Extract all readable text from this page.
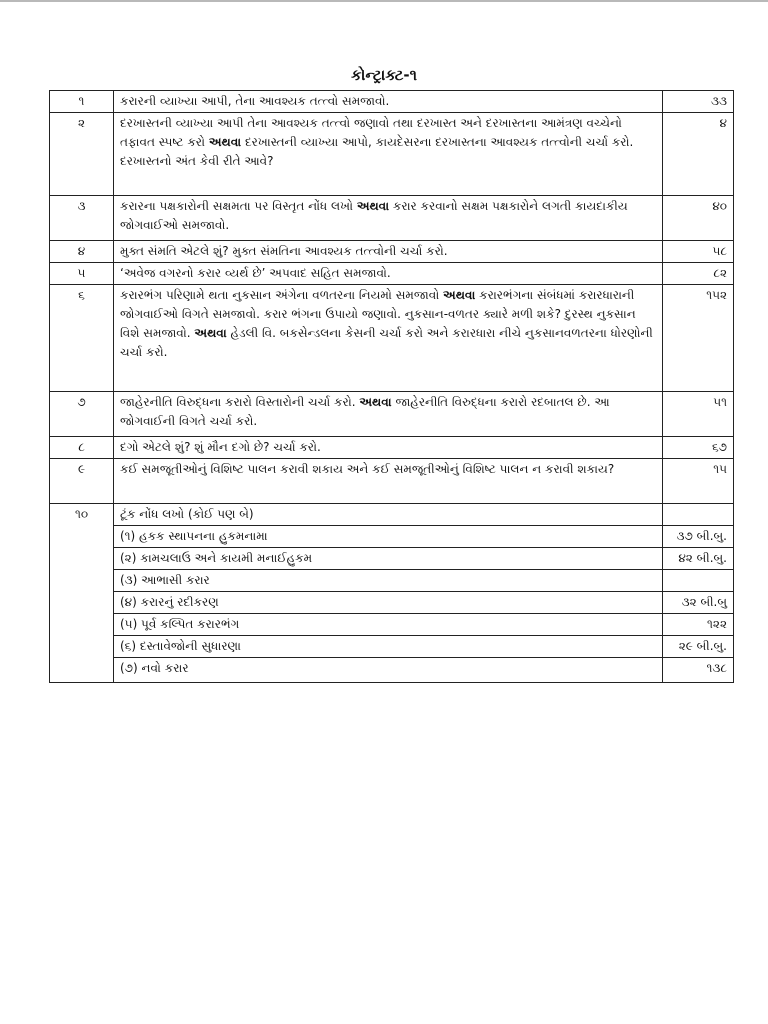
કોન્ટ્રાક્ટ-૧
૧	કરારની વ્યાખ્યા આપી, તેના આવશ્યક તત્ત્વો સમજાવો.	૩૩
૨	દરખાસ્તની વ્યાખ્યા આપી તેના આવશ્યક તત્ત્વો જણાવો તથા દરખાસ્ત અને દરખાસ્તના આમંત્રણ વચ્ચેનો તફાવત સ્પષ્ટ કરો અથવા દરખાસ્તની વ્યાખ્યા આપો, કાયદેસરના દરખાસ્તના આવશ્યક તત્ત્વોની ચર્ચા કરો. દરખાસ્તનો અંત કેવી રીતે આવે?	૪
૩	કરારના પક્ષકારોની સક્ષમતા પર વિસ્તૃત નોંધ લખો અથવા કરાર કરવાનો સક્ષમ પક્ષકારોને લગતી કાયદાકીય જોગવાઈઓ સમજાવો.	૪૦
૪	મુક્ત સંમતિ એટલે શું? મુક્ત સંમતિના આવશ્યક તત્ત્વોની ચર્ચા કરો.	૫૮
૫	‘અવેજ વગરનો કરાર વ્યર્થ છે’ અપવાદ સહિત સમજાવો.	૮૨
૬	કરારભંગ પરિણામે થતા નુકસાન અંગેના વળતરના નિયમો સમજાવો અથવા કરારભંગના સંબંધમાં કરારધારાની જોગવાઈઓ વિગતે સમજાવો. કરાર ભંગના ઉપાયો જણાવો. નુકસાન-વળતર ક્યારે મળી શકે? દુરસ્થ નુકસાન વિશે સમજાવો. અથવા હેડલી વિ. બકસેન્ડલના કેસની ચર્ચા કરો અને કરારધારા નીચે નુકસાનવળતરના ધોરણોની ચર્ચા કરો.	૧૫૨
૭	જાહેરનીતિ વિરુદ્ધના કરારો વિસ્તારોની ચર્ચા કરો. અથવા જાહેરનીતિ વિરુદ્ધના કરારો રદબાતલ છે. આ જોગવાઈની વિગતે ચર્ચા કરો.	૫૧
૮	દગો એટલે શું? શું મૌન દગો છે? ચર્ચા કરો.	૬૭
૯	કઈ સમજૂતીઓનું વિશિષ્ટ પાલન કરાવી શકાય અને કઈ સમજૂતીઓનું વિશિષ્ટ પાલન ન કરાવી શકાય?	૧૫
૧૦	ટૂંક નોંધ લખો (કોઈ પણ બે)	
	(૧) હકક સ્થાપનના હુકમનામા	૩૭ બી.બુ.
	(૨) કામચલાઉ અને કાયમી મનાઈહુકમ	૪૨ બી.બુ.
	(૩) આભાસી કરાર	
	(૪) કરારનું રદીકરણ	૩૨ બી.બુ
	(૫) પૂર્વ કલ્પિત કરારભંગ	૧૨૨
	(૬) દસ્તાવેજોની સુધારણા	૨૯ બી.બુ.
	(૭) નવો કરાર	૧૩૮
